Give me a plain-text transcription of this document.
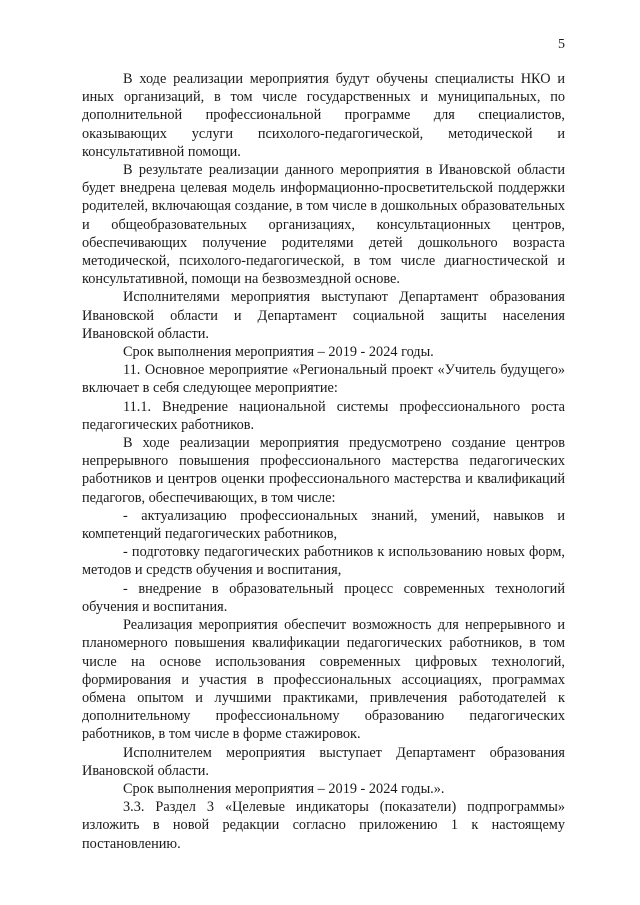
5

В ходе реализации мероприятия будут обучены специалисты НКО и иных организаций, в том числе государственных и муниципальных, по дополнительной профессиональной программе для специалистов, оказывающих услуги психолого-педагогической, методической и консультативной помощи.

В результате реализации данного мероприятия в Ивановской области будет внедрена целевая модель информационно-просветительской поддержки родителей, включающая создание, в том числе в дошкольных образовательных и общеобразовательных организациях, консультационных центров, обеспечивающих получение родителями детей дошкольного возраста методической, психолого-педагогической, в том числе диагностической и консультативной, помощи на безвозмездной основе.

Исполнителями мероприятия выступают Департамент образования Ивановской области и Департамент социальной защиты населения Ивановской области.

Срок выполнения мероприятия – 2019 - 2024 годы.

11. Основное мероприятие «Региональный проект «Учитель будущего» включает в себя следующее мероприятие:

11.1. Внедрение национальной системы профессионального роста педагогических работников.

В ходе реализации мероприятия предусмотрено создание центров непрерывного повышения профессионального мастерства педагогических работников и центров оценки профессионального мастерства и квалификаций педагогов, обеспечивающих, в том числе:

- актуализацию профессиональных знаний, умений, навыков и компетенций педагогических работников,

- подготовку педагогических работников к использованию новых форм, методов и средств обучения и воспитания,

- внедрение в образовательный процесс современных технологий обучения и воспитания.

Реализация мероприятия обеспечит возможность для непрерывного и планомерного повышения квалификации педагогических работников, в том числе на основе использования современных цифровых технологий, формирования и участия в профессиональных ассоциациях, программах обмена опытом и лучшими практиками, привлечения работодателей к дополнительному профессиональному образованию педагогических работников, в том числе в форме стажировок.

Исполнителем мероприятия выступает Департамент образования Ивановской области.

Срок выполнения мероприятия – 2019 - 2024 годы.».

3.3. Раздел 3 «Целевые индикаторы (показатели) подпрограммы» изложить в новой редакции согласно приложению 1 к настоящему постановлению.
